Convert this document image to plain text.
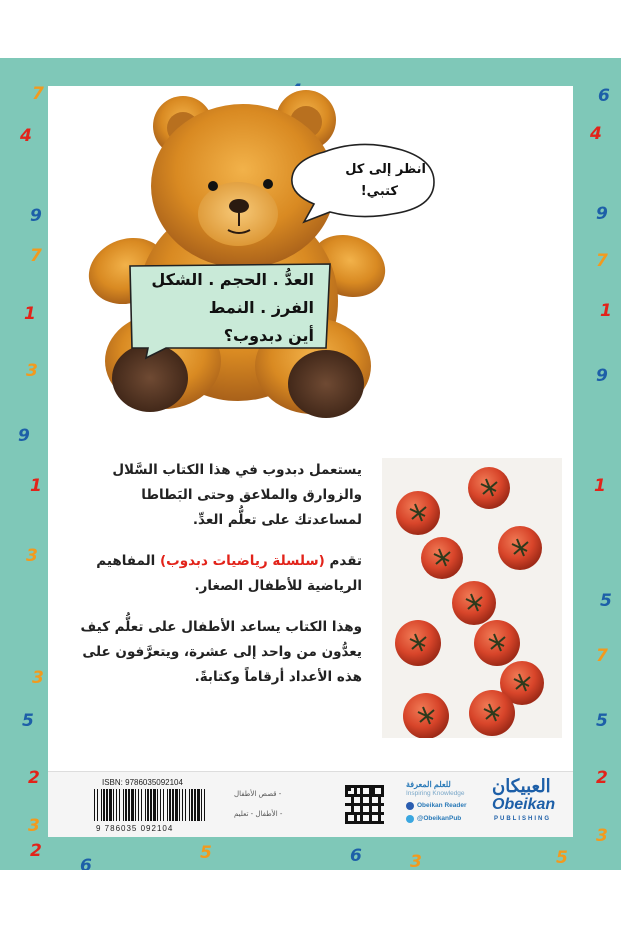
7	6
4	4
9
7
9
1
7
1
3
9
9
1	1
3
5	5
2	2
3
5
3
2	5	3
6	5
6
7
3
انظر إلى كل
كتبي!
العدُّ . الحجم . الشكل
الفرز . النمط
أين دبدوب؟

يستعمل دبدوب في هذا الكتاب السَّلال والزوارق والملاعق وحتى البَطاطا لمساعدتك على تعلُّم العدِّ.

تقدم (سلسلة رياضيات دبدوب) المفاهيم الرياضية للأطفال الصغار.

وهذا الكتاب يساعد الأطفال على تعلُّم كيف يعدُّون من واحد إلى عشرة، ويتعرَّفون على هذه الأعداد أرقاماً وكتابةً.

ISBN: 9786035092104
9 786035 092104
- قصص الأطفال
- الأطفال - تعليم
للعلم المعرفة
Inspiring Knowledge
Obeikan Reader
@ObeikanPub
العبيكان
Obeikan
PUBLISHING
